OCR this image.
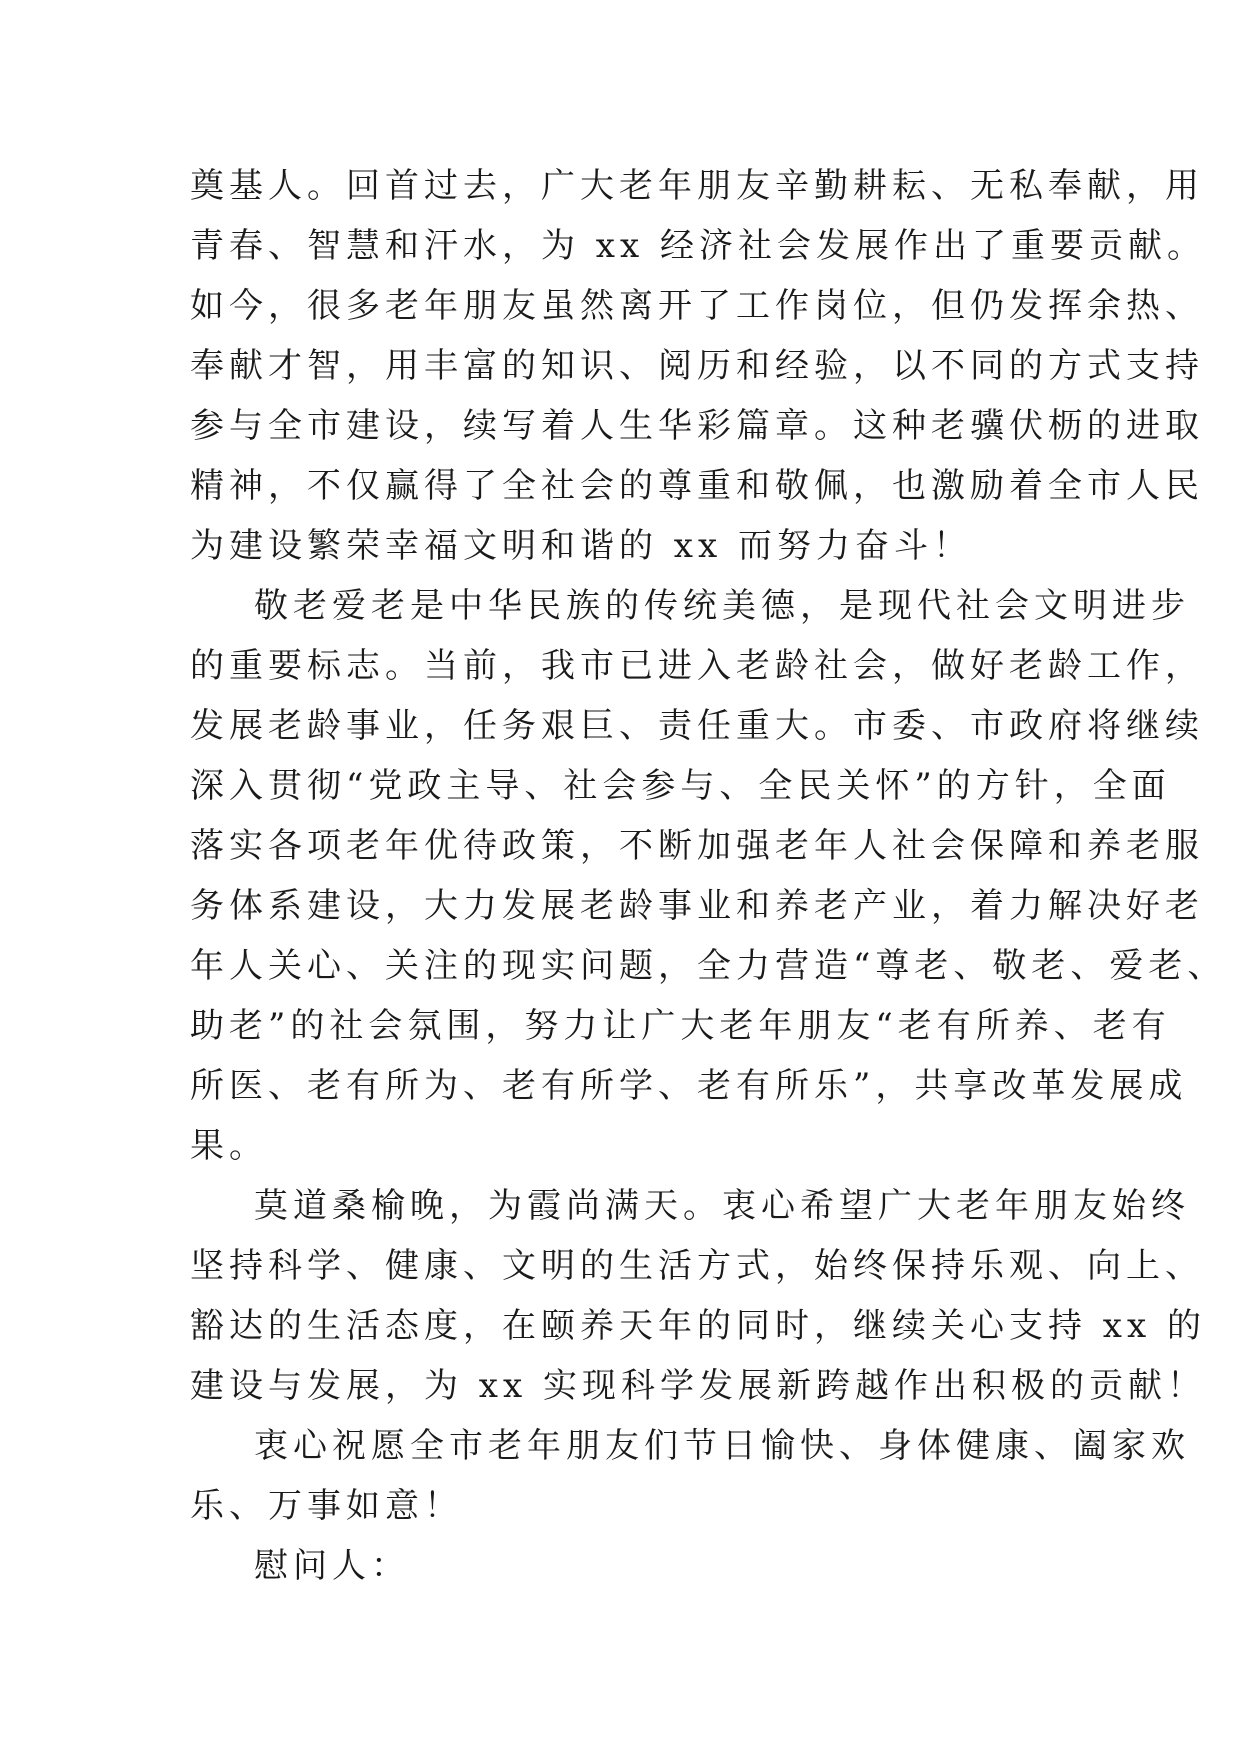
奠基人。回首过去，广大老年朋友辛勤耕耘、无私奉献，用
青春、智慧和汗水，为 xx 经济社会发展作出了重要贡献。
如今，很多老年朋友虽然离开了工作岗位，但仍发挥余热、
奉献才智，用丰富的知识、阅历和经验，以不同的方式支持
参与全市建设，续写着人生华彩篇章。这种老骥伏枥的进取
精神，不仅赢得了全社会的尊重和敬佩，也激励着全市人民
为建设繁荣幸福文明和谐的 xx 而努力奋斗！
敬老爱老是中华民族的传统美德，是现代社会文明进步
的重要标志。当前，我市已进入老龄社会，做好老龄工作，
发展老龄事业，任务艰巨、责任重大。市委、市政府将继续
深入贯彻“党政主导、社会参与、全民关怀”的方针，全面
落实各项老年优待政策，不断加强老年人社会保障和养老服
务体系建设，大力发展老龄事业和养老产业，着力解决好老
年人关心、关注的现实问题，全力营造“尊老、敬老、爱老、
助老”的社会氛围，努力让广大老年朋友“老有所养、老有
所医、老有所为、老有所学、老有所乐”，共享改革发展成
果。
莫道桑榆晚，为霞尚满天。衷心希望广大老年朋友始终
坚持科学、健康、文明的生活方式，始终保持乐观、向上、
豁达的生活态度，在颐养天年的同时，继续关心支持 xx 的
建设与发展，为 xx 实现科学发展新跨越作出积极的贡献！
衷心祝愿全市老年朋友们节日愉快、身体健康、阖家欢
乐、万事如意！
慰问人：
